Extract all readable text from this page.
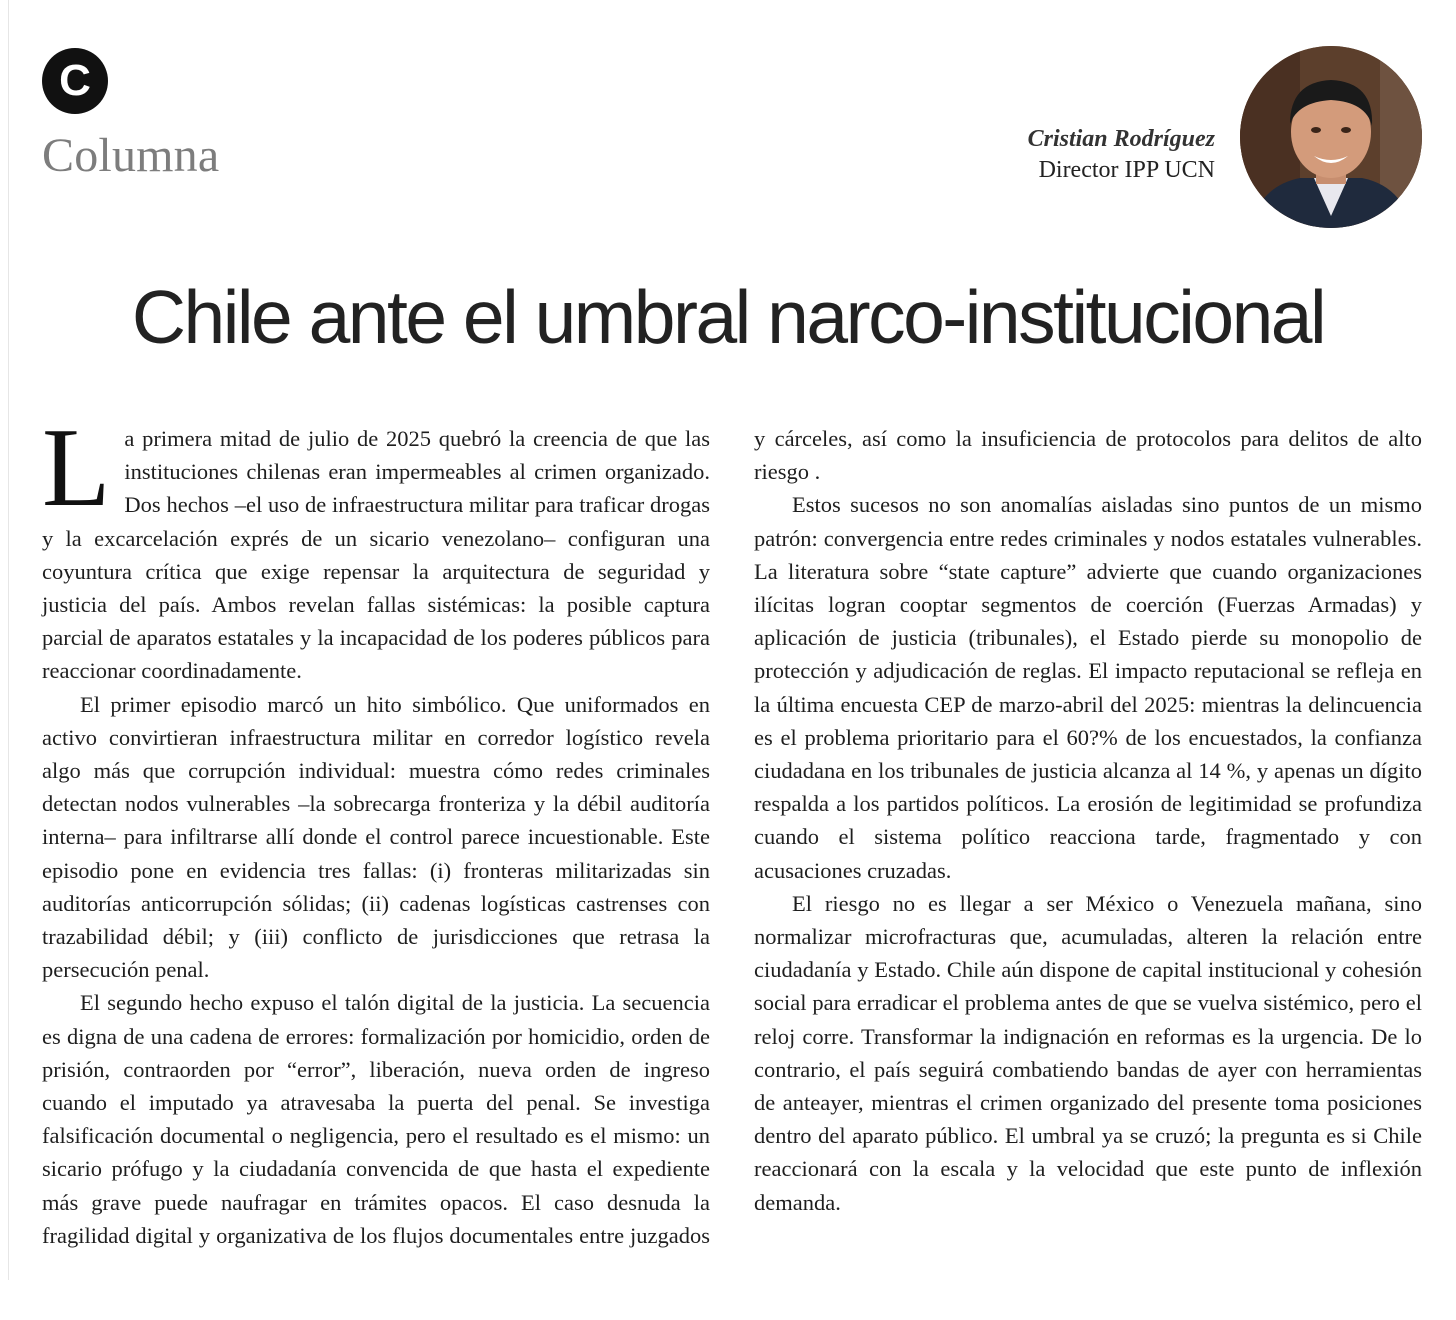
C
Columna	Cristian Rodríguez
Director IPP UCN
Chile ante el umbral narco-institucional

La primera mitad de julio de 2025 quebró la creencia de que las instituciones chilenas eran impermeables al crimen organizado. Dos hechos –el uso de infraestructura militar para traficar drogas y la excarcelación exprés de un sicario venezolano– configuran una coyuntura crítica que exige repensar la arquitectura de seguridad y justicia del país. Ambos revelan fallas sistémicas: la posible captura parcial de aparatos estatales y la incapacidad de los poderes públicos para reaccionar coordinadamente.

El primer episodio marcó un hito simbólico. Que uniformados en activo convirtieran infraestructura militar en corredor logístico revela algo más que corrupción individual: muestra cómo redes criminales detectan nodos vulnerables –la sobrecarga fronteriza y la débil auditoría interna– para infiltrarse allí donde el control parece incuestionable. Este episodio pone en evidencia tres fallas: (i) fronteras militarizadas sin auditorías anticorrupción sólidas; (ii) cadenas logísticas castrenses con trazabilidad débil; y (iii) conflicto de jurisdicciones que retrasa la persecución penal.

El segundo hecho expuso el talón digital de la justicia. La secuencia es digna de una cadena de errores: formalización por homicidio, orden de prisión, contraorden por “error”, liberación, nueva orden de ingreso cuando el imputado ya atravesaba la puerta del penal. Se investiga falsificación documental o negligencia, pero el resultado es el mismo: un sicario prófugo y la ciudadanía convencida de que hasta el expediente más grave puede naufragar en trámites opacos. El caso desnuda la fragilidad digital y organizativa de los flujos documentales entre juzgados y cárceles, así como la insuficiencia de protocolos para delitos de alto riesgo .

Estos sucesos no son anomalías aisladas sino puntos de un mismo patrón: convergencia entre redes criminales y nodos estatales vulnerables. La literatura sobre “state capture” advierte que cuando organizaciones ilícitas logran cooptar segmentos de coerción (Fuerzas Armadas) y aplicación de justicia (tribunales), el Estado pierde su monopolio de protección y adjudicación de reglas. El impacto reputacional se refleja en la última encuesta CEP de marzo-abril del 2025: mientras la delincuencia es el problema prioritario para el 60?% de los encuestados, la confianza ciudadana en los tribunales de justicia alcanza al 14 %, y apenas un dígito respalda a los partidos políticos. La erosión de legitimidad se profundiza cuando el sistema político reacciona tarde, fragmentado y con acusaciones cruzadas.

El riesgo no es llegar a ser México o Venezuela mañana, sino normalizar microfracturas que, acumuladas, alteren la relación entre ciudadanía y Estado. Chile aún dispone de capital institucional y cohesión social para erradicar el problema antes de que se vuelva sistémico, pero el reloj corre. Transformar la indignación en reformas es la urgencia. De lo contrario, el país seguirá combatiendo bandas de ayer con herramientas de anteayer, mientras el crimen organizado del presente toma posiciones dentro del aparato público. El umbral ya se cruzó; la pregunta es si Chile reaccionará con la escala y la velocidad que este punto de inflexión demanda.
